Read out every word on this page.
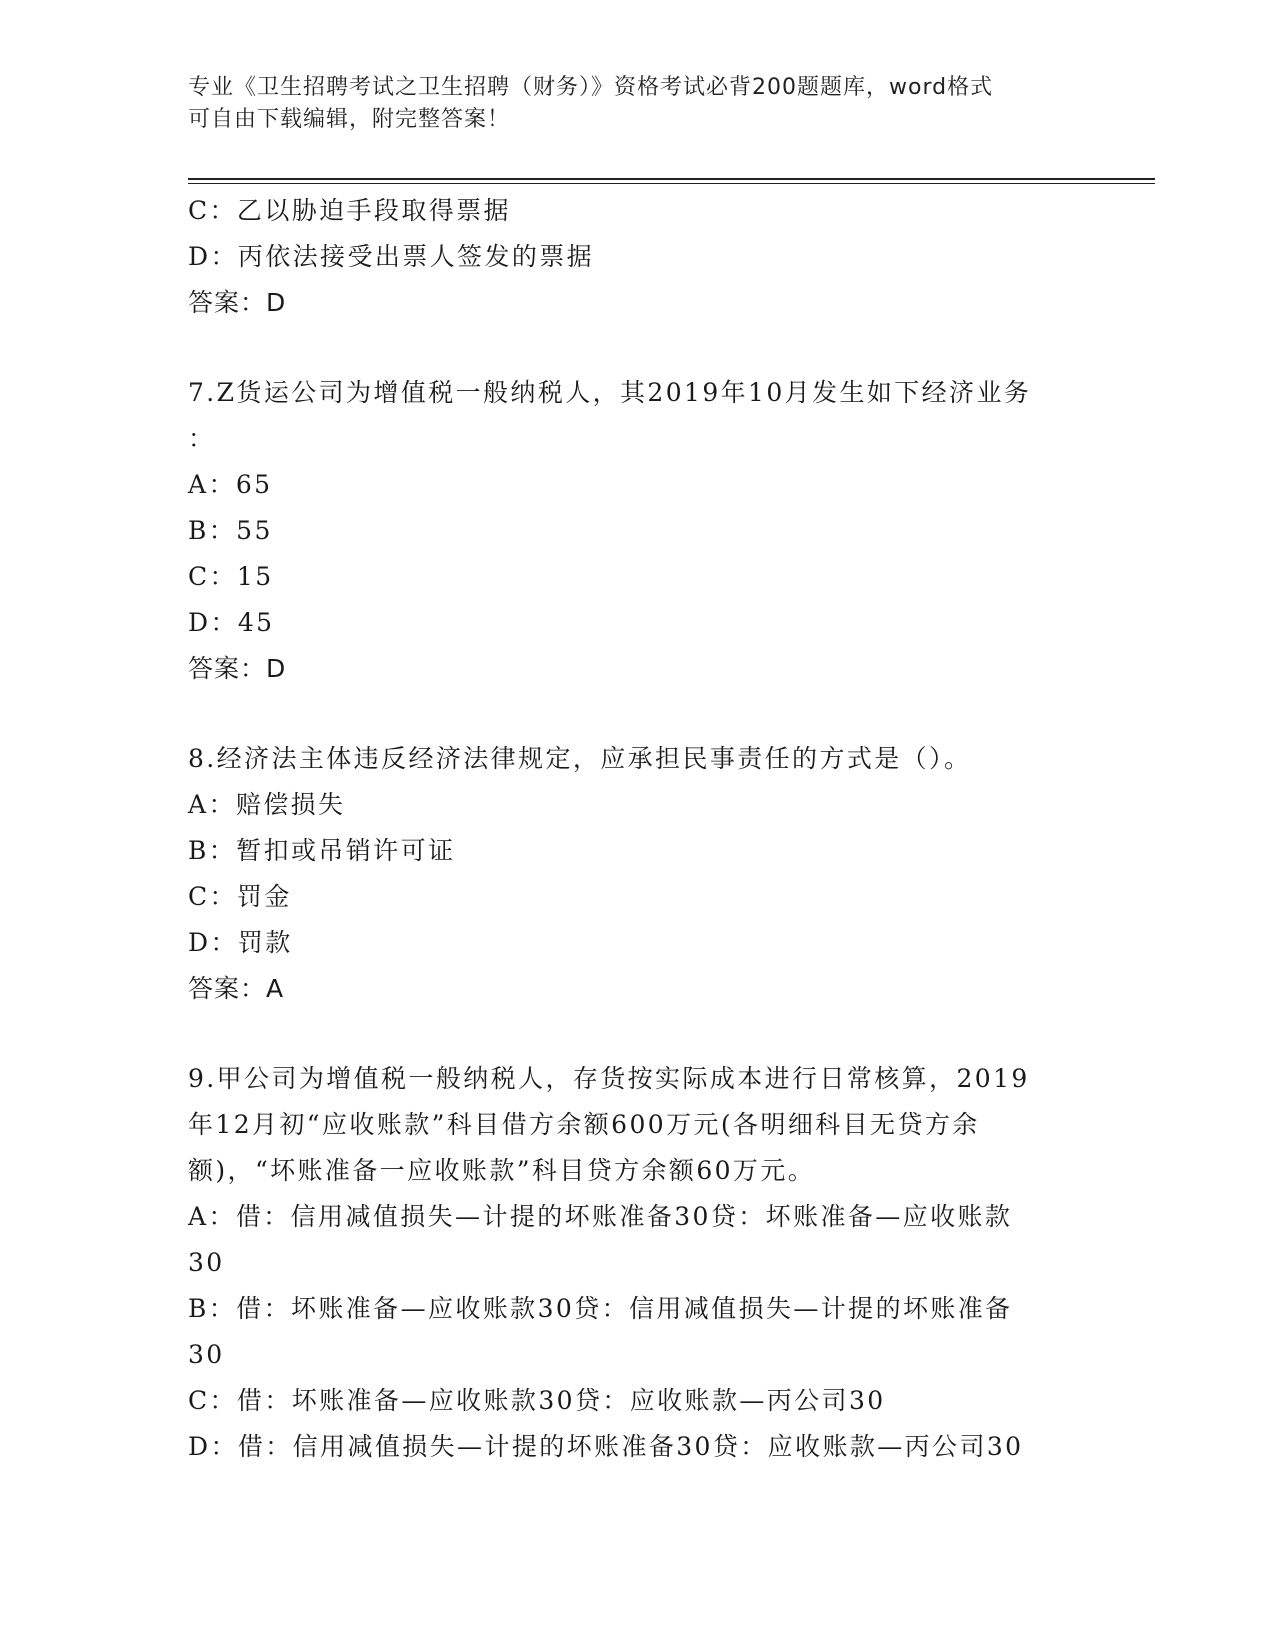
专业《卫生招聘考试之卫生招聘（财务）》资格考试必背200题题库，word格式
可自由下载编辑，附完整答案！
C：乙以胁迫手段取得票据
D：丙依法接受出票人签发的票据
答案：D
7.Z货运公司为增值税一般纳税人，其2019年10月发生如下经济业务
：
A：65
B：55
C：15
D：45
答案：D
8.经济法主体违反经济法律规定，应承担民事责任的方式是（）。
A：赔偿损失
B：暂扣或吊销许可证
C：罚金
D：罚款
答案：A
9.甲公司为增值税一般纳税人，存货按实际成本进行日常核算，2019
年12月初“应收账款”科目借方余额600万元(各明细科目无贷方余
额)，“坏账准备一应收账款”科目贷方余额60万元。
A：借：信用减值损失—计提的坏账准备30贷：坏账准备—应收账款
30
B：借：坏账准备—应收账款30贷：信用减值损失—计提的坏账准备
30
C：借：坏账准备—应收账款30贷：应收账款—丙公司30
D：借：信用减值损失—计提的坏账准备30贷：应收账款—丙公司30
